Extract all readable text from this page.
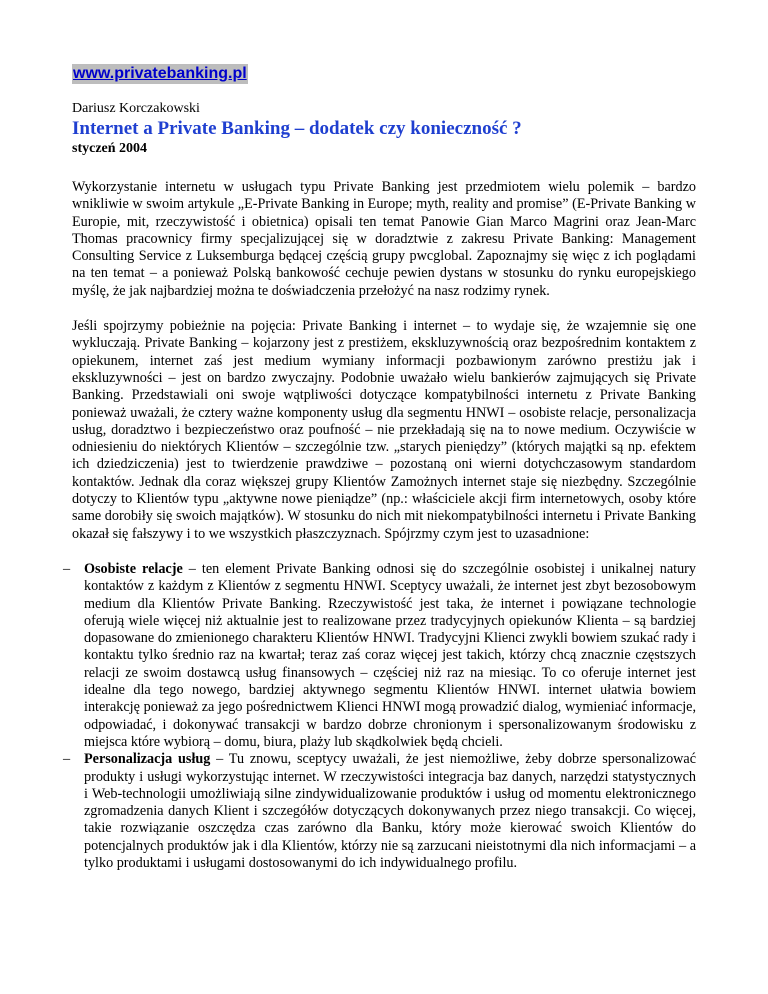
www.privatebanking.pl
Dariusz Korczakowski
Internet a Private Banking – dodatek czy konieczność ?
styczeń 2004

Wykorzystanie internetu w usługach typu Private Banking jest przedmiotem wielu polemik – bardzo wnikliwie w swoim artykule „E-Private Banking in Europe; myth, reality and promise” (E-Private Banking w Europie, mit, rzeczywistość i obietnica) opisali ten temat Panowie Gian Marco Magrini oraz Jean-Marc Thomas pracownicy firmy specjalizującej się w doradztwie z zakresu Private Banking: Management Consulting Service z Luksemburga będącej częścią grupy pwcglobal. Zapoznajmy się więc z ich poglądami na ten temat – a ponieważ Polską bankowość cechuje pewien dystans w stosunku do rynku europejskiego myślę, że jak najbardziej można te doświadczenia przełożyć na nasz rodzimy rynek.

Jeśli spojrzymy pobieżnie na pojęcia: Private Banking i internet – to wydaje się, że wzajemnie się one wykluczają. Private Banking – kojarzony jest z prestiżem, ekskluzywnością oraz bezpośrednim kontaktem z opiekunem, internet zaś jest medium wymiany informacji pozbawionym zarówno prestiżu jak i ekskluzywności – jest on bardzo zwyczajny. Podobnie uważało wielu bankierów zajmujących się Private Banking. Przedstawiali oni swoje wątpliwości dotyczące kompatybilności internetu z Private Banking ponieważ uważali, że cztery ważne komponenty usług dla segmentu HNWI – osobiste relacje, personalizacja usług, doradztwo i bezpieczeństwo oraz poufność – nie przekładają się na to nowe medium. Oczywiście w odniesieniu do niektórych Klientów – szczególnie tzw. „starych pieniędzy” (których majątki są np. efektem ich dziedziczenia) jest to twierdzenie prawdziwe – pozostaną oni wierni dotychczasowym standardom kontaktów. Jednak dla coraz większej grupy Klientów Zamożnych internet staje się niezbędny. Szczególnie dotyczy to Klientów typu „aktywne nowe pieniądze” (np.: właściciele akcji firm internetowych, osoby które same dorobiły się swoich majątków). W stosunku do nich mit niekompatybilności internetu i Private Banking okazał się fałszywy i to we wszystkich płaszczyznach. Spójrzmy czym jest to uzasadnione:

– Osobiste relacje – ten element Private Banking odnosi się do szczególnie osobistej i unikalnej natury kontaktów z każdym z Klientów z segmentu HNWI. Sceptycy uważali, że internet jest zbyt bezosobowym medium dla Klientów Private Banking. Rzeczywistość jest taka, że internet i powiązane technologie oferują wiele więcej niż aktualnie jest to realizowane przez tradycyjnych opiekunów Klienta – są bardziej dopasowane do zmienionego charakteru Klientów HNWI. Tradycyjni Klienci zwykli bowiem szukać rady i kontaktu tylko średnio raz na kwartał; teraz zaś coraz więcej jest takich, którzy chcą znacznie częstszych relacji ze swoim dostawcą usług finansowych – częściej niż raz na miesiąc. To co oferuje internet jest idealne dla tego nowego, bardziej aktywnego segmentu Klientów HNWI. internet ułatwia bowiem interakcję ponieważ za jego pośrednictwem Klienci HNWI mogą prowadzić dialog, wymieniać informacje, odpowiadać, i dokonywać transakcji w bardzo dobrze chronionym i spersonalizowanym środowisku z miejsca które wybiorą – domu, biura, plaży lub skądkolwiek będą chcieli.
– Personalizacja usług – Tu znowu, sceptycy uważali, że jest niemożliwe, żeby dobrze spersonalizować produkty i usługi wykorzystując internet. W rzeczywistości integracja baz danych, narzędzi statystycznych i Web-technologii umożliwiają silne zindywidualizowanie produktów i usług od momentu elektronicznego zgromadzenia danych Klient i szczegółów dotyczących dokonywanych przez niego transakcji. Co więcej, takie rozwiązanie oszczędza czas zarówno dla Banku, który może kierować swoich Klientów do potencjalnych produktów jak i dla Klientów, którzy nie są zarzucani nieistotnymi dla nich informacjami – a tylko produktami i usługami dostosowanymi do ich indywidualnego profilu.
